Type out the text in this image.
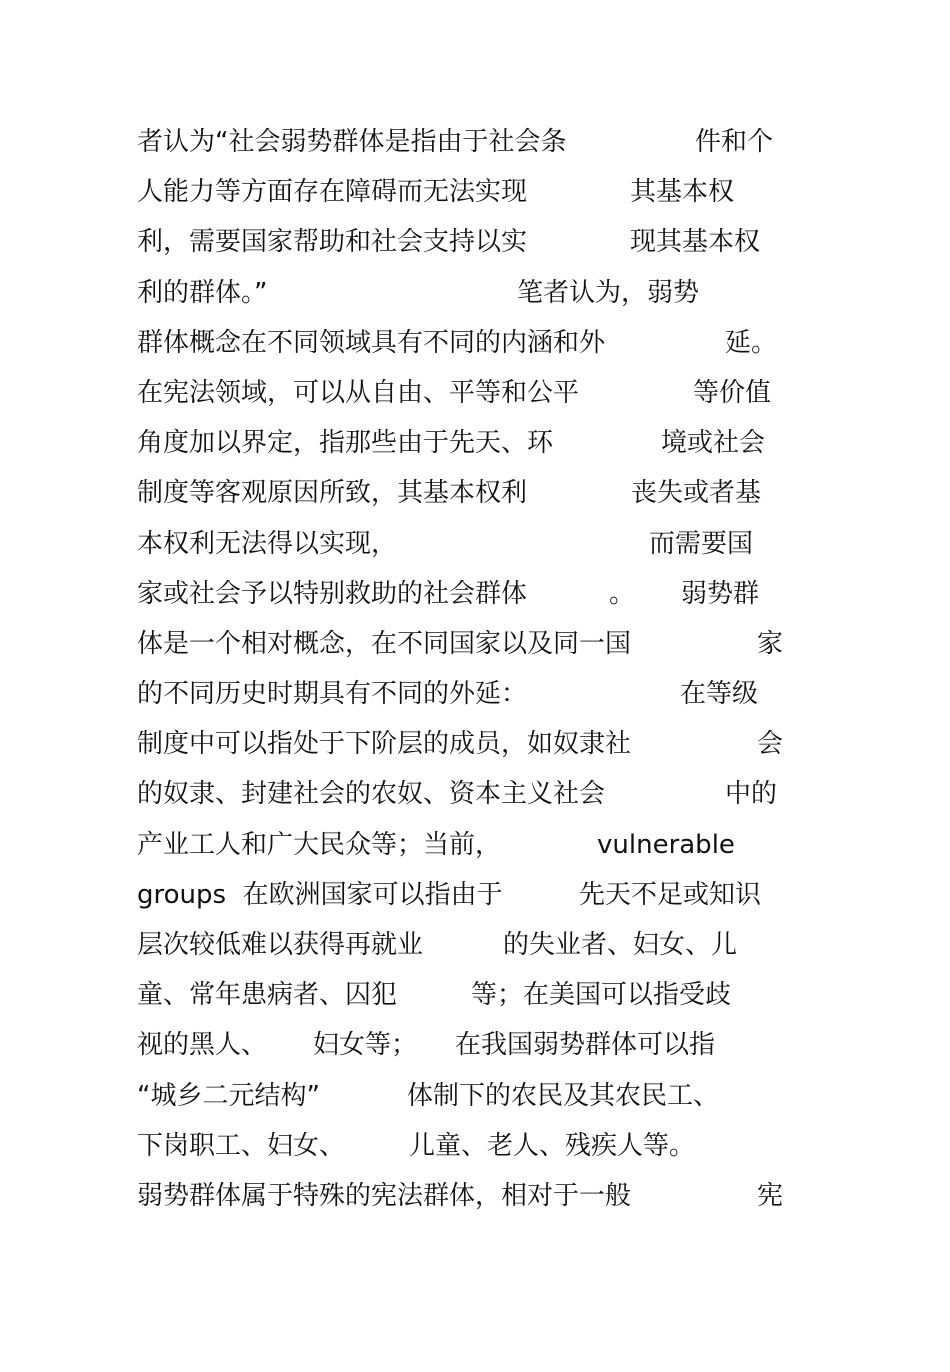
者认为“社会弱势群体是指由于社会条

	件和个

人能力等方面存在障碍而无法实现

	其基本权

利，需要国家帮助和社会支持以实

	现其基本权

利的群体。”

	笔者认为，弱势

群体概念在不同领域具有不同的内涵和外

	延。

在宪法领域，可以从自由、平等和公平

	等价值

角度加以界定，指那些由于先天、环

	境或社会

制度等客观原因所致，其基本权利

	丧失或者基

本权利无法得以实现，

	而需要国

家或社会予以特别救助的社会群体

	。

弱势群

体是一个相对概念，在不同国家以及同一国

	家

的不同历史时期具有不同的外延：

	在等级

制度中可以指处于下阶层的成员，如奴隶社

	会

的奴隶、封建社会的农奴、资本主义社会

	中的

产业工人和广大民众等；当前，

	vulnerable

groups  在欧洲国家可以指由于

	先天不足或知识

层次较低难以获得再就业

	的失业者、妇女、儿

童、常年患病者、囚犯

	等；在美国可以指受歧

视的黑人、

妇女等；

在我国弱势群体可以指

“城乡二元结构”

	体制下的农民及其农民工、

下岗职工、妇女、

儿童、老人、残疾人等。

弱势群体属于特殊的宪法群体，相对于一般

	宪
